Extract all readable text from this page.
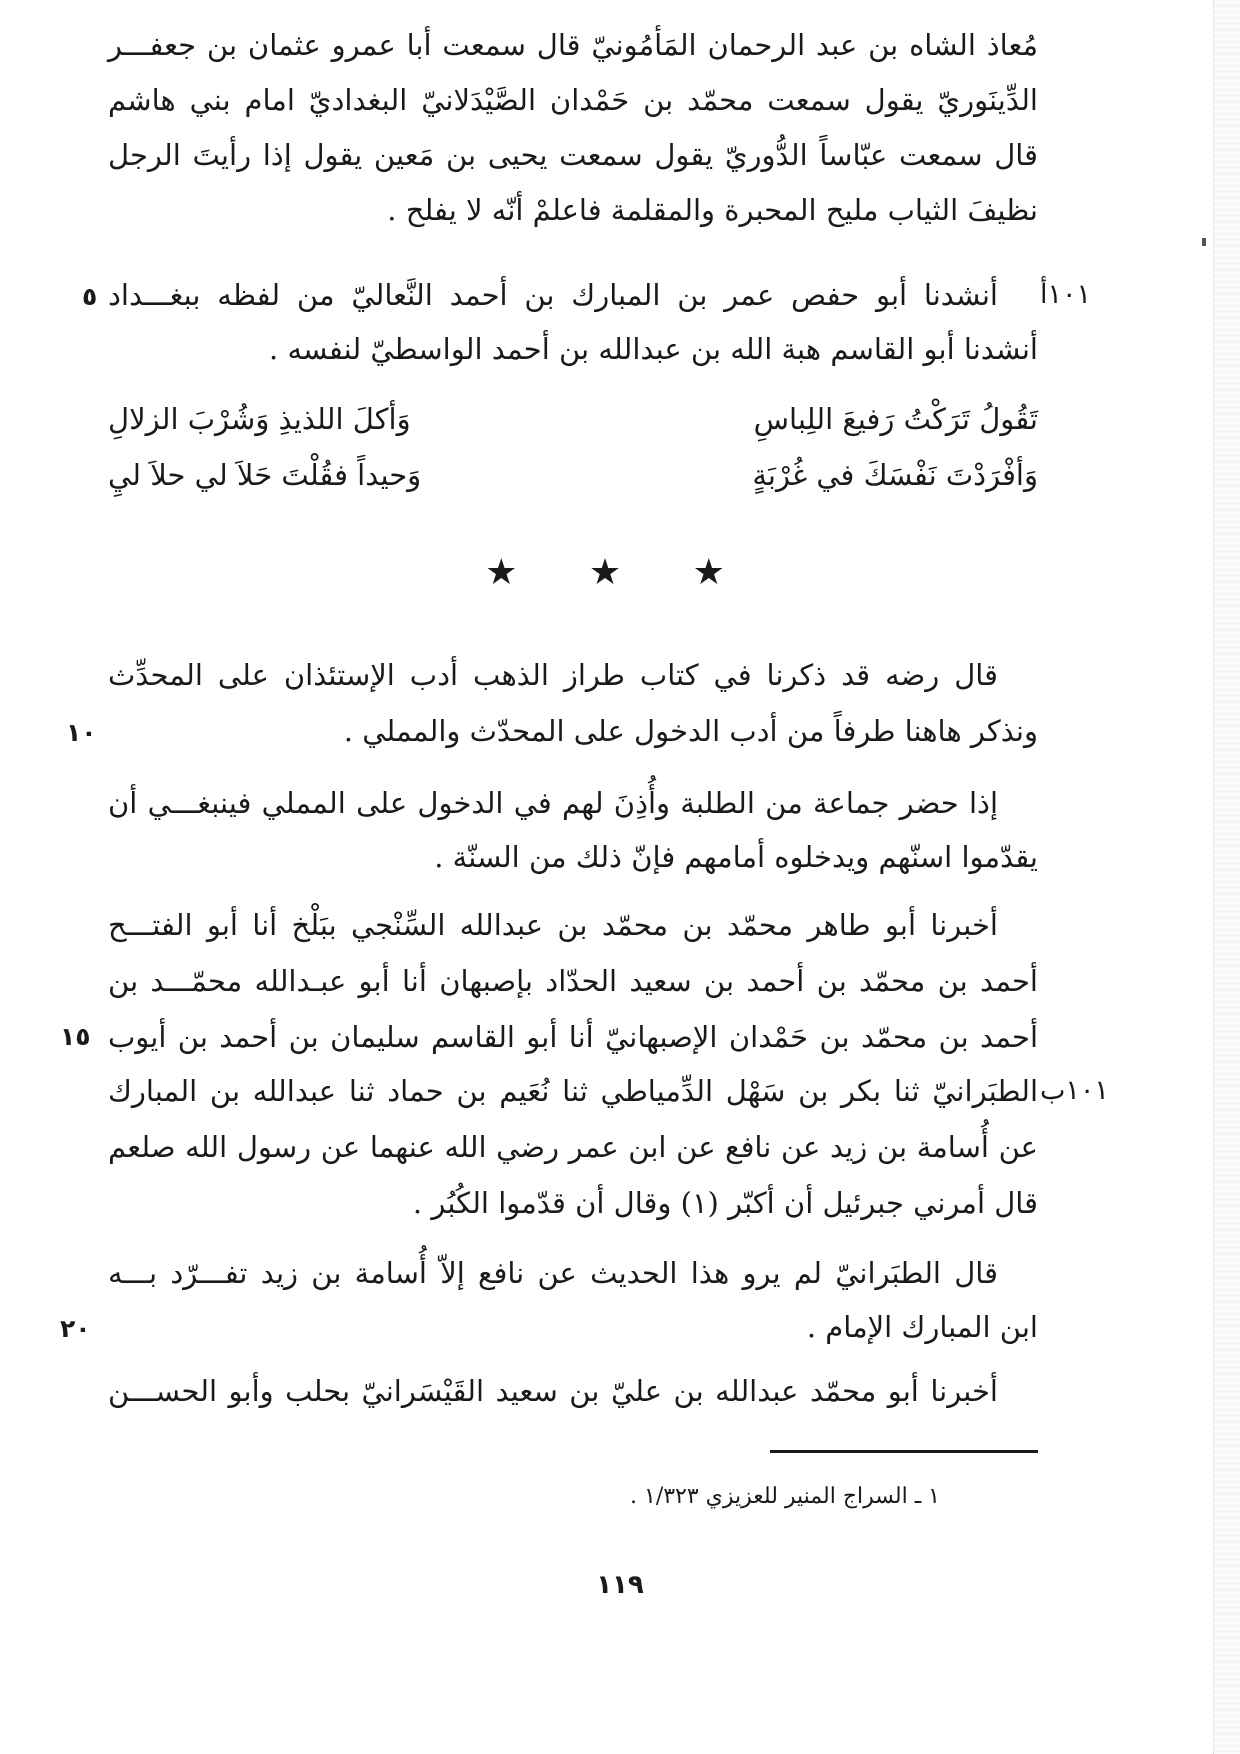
مُعاذ الشاه بن عبد الرحمان المَأمُونيّ قال سمعت أبا عمرو عثمان بن جعفـــر
الدِّينَوريّ يقول سمعت محمّد بن حَمْدان الصَّيْدَلانيّ البغداديّ امام بني هاشم
قال سمعت عبّاساً الدُّوريّ يقول سمعت يحيى بن مَعين يقول إذا رأيتَ الرجل
نظيفَ الثياب مليح المحبرة والمقلمة فاعلمْ أنّه لا يفلح .
١٠١أ
أنشدنا أبو حفص عمر بن المبارك بن أحمد النَّعاليّ من لفظه ببغـــداد
أنشدنا أبو القاسم هبة الله بن عبدالله بن أحمد الواسطيّ لنفسه .
٥
تَقُولُ تَرَكْتُ رَفيعَ اللِباسِ
وَأكلَ اللذيذِ وَشُرْبَ الزلالِ
وَأفْرَدْتَ نَفْسَكَ في غُرْبَةٍ
وَحيداً فقُلْتَ حَلاَ لي حلاَ ليِ
★ ★ ★
قال رضه قد ذكرنا في كتاب طراز الذهب أدب الإستئذان على المحدِّث
ونذكر هاهنا طرفاً من أدب الدخول على المحدّث والمملي .
١٠
إذا حضر جماعة من الطلبة وأُذِنَ لهم في الدخول على المملي فينبغـــي أن
يقدّموا اسنّهم ويدخلوه أمامهم فإنّ ذلك من السنّة .
أخبرنا أبو طاهر محمّد بن محمّد بن عبدالله السِّنْجي ببَلْخ أنا أبو الفتـــح
أحمد بن محمّد بن أحمد بن سعيد الحدّاد بإصبهان أنا أبو عبـدالله محمّـــد بن
أحمد بن محمّد بن حَمْدان الإصبهانيّ أنا أبو القاسم سليمان بن أحمد بن أيوب
الطبَرانيّ ثنا بكر بن سَهْل الدِّمياطي ثنا نُعَيم بن حماد ثنا عبدالله بن المبارك
عن أُسامة بن زيد عن نافع عن ابن عمر رضي الله عنهما عن رسول الله صلعم
قال أمرني جبرئيل أن أكبّر (١) وقال أن قدّموا الكُبُر .
١٥
١٠١ب
قال الطبَرانيّ لم يرو هذا الحديث عن نافع إلاّ أُسامة بن زيد تفـــرّد بـــه
ابن المبارك الإمام .
٢٠
أخبرنا أبو محمّد عبدالله بن عليّ بن سعيد القَيْسَرانيّ بحلب وأبو الحســـن
١ ـ السراج المنير للعزيزي ١/٣٢٣ .
١١٩
